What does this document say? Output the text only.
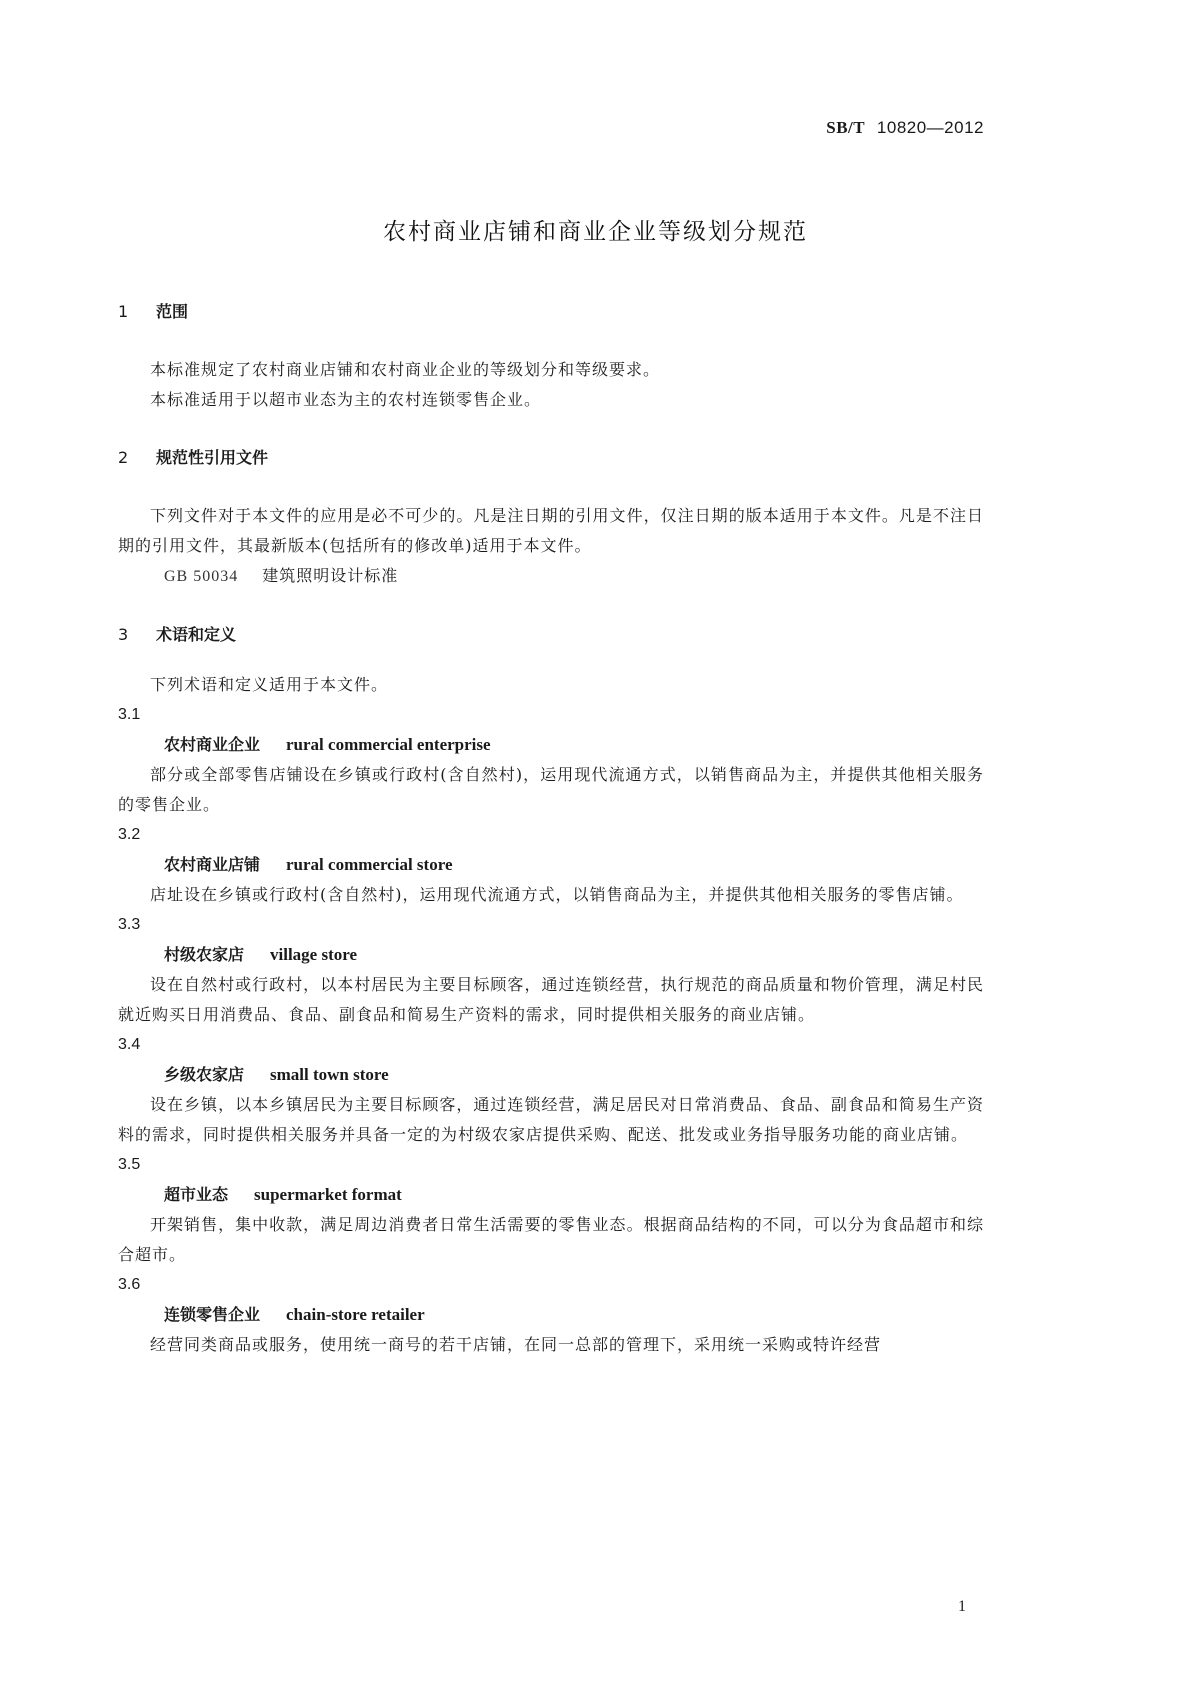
SB/T 10820—2012
农村商业店铺和商业企业等级划分规范
1 范围
本标准规定了农村商业店铺和农村商业企业的等级划分和等级要求。
本标准适用于以超市业态为主的农村连锁零售企业。
2 规范性引用文件
下列文件对于本文件的应用是必不可少的。凡是注日期的引用文件，仅注日期的版本适用于本文件。凡是不注日期的引用文件，其最新版本(包括所有的修改单)适用于本文件。
GB 50034 建筑照明设计标准
3 术语和定义
下列术语和定义适用于本文件。
3.1
农村商业企业 rural commercial enterprise
部分或全部零售店铺设在乡镇或行政村(含自然村)，运用现代流通方式，以销售商品为主，并提供其他相关服务的零售企业。
3.2
农村商业店铺 rural commercial store
店址设在乡镇或行政村(含自然村)，运用现代流通方式，以销售商品为主，并提供其他相关服务的零售店铺。
3.3
村级农家店 village store
设在自然村或行政村，以本村居民为主要目标顾客，通过连锁经营，执行规范的商品质量和物价管理，满足村民就近购买日用消费品、食品、副食品和简易生产资料的需求，同时提供相关服务的商业店铺。
3.4
乡级农家店 small town store
设在乡镇，以本乡镇居民为主要目标顾客，通过连锁经营，满足居民对日常消费品、食品、副食品和简易生产资料的需求，同时提供相关服务并具备一定的为村级农家店提供采购、配送、批发或业务指导服务功能的商业店铺。
3.5
超市业态 supermarket format
开架销售，集中收款，满足周边消费者日常生活需要的零售业态。根据商品结构的不同，可以分为食品超市和综合超市。
3.6
连锁零售企业 chain-store retailer
经营同类商品或服务，使用统一商号的若干店铺，在同一总部的管理下，采用统一采购或特许经营
1
